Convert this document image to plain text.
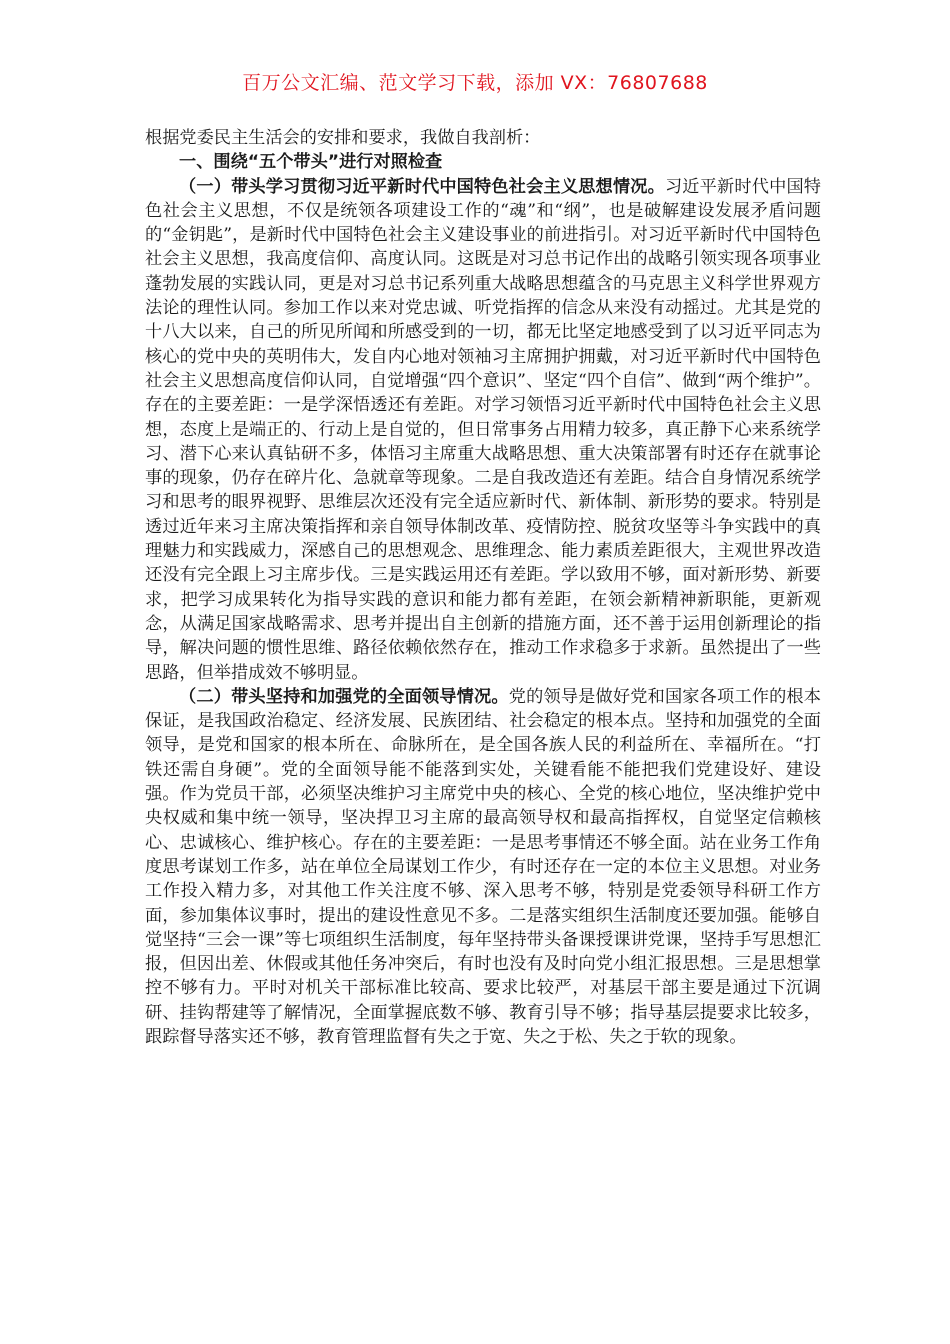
百万公文汇编、范文学习下载，添加 VX：76807688

根据党委民主生活会的安排和要求，我做自我剖析：

一、围绕“五个带头”进行对照检查

（一）带头学习贯彻习近平新时代中国特色社会主义思想情况。习近平新时代中国特色社会主义思想，不仅是统领各项建设工作的“魂”和“纲”，也是破解建设发展矛盾问题的“金钥匙”，是新时代中国特色社会主义建设事业的前进指引。对习近平新时代中国特色社会主义思想，我高度信仰、高度认同。这既是对习总书记作出的战略引领实现各项事业蓬勃发展的实践认同，更是对习总书记系列重大战略思想蕴含的马克思主义科学世界观方法论的理性认同。参加工作以来对党忠诚、听党指挥的信念从来没有动摇过。尤其是党的十八大以来，自己的所见所闻和所感受到的一切，都无比坚定地感受到了以习近平同志为核心的党中央的英明伟大，发自内心地对领袖习主席拥护拥戴，对习近平新时代中国特色社会主义思想高度信仰认同，自觉增强“四个意识”、坚定“四个自信”、做到“两个维护”。存在的主要差距：一是学深悟透还有差距。对学习领悟习近平新时代中国特色社会主义思想，态度上是端正的、行动上是自觉的，但日常事务占用精力较多，真正静下心来系统学习、潜下心来认真钻研不多，体悟习主席重大战略思想、重大决策部署有时还存在就事论事的现象，仍存在碎片化、急就章等现象。二是自我改造还有差距。结合自身情况系统学习和思考的眼界视野、思维层次还没有完全适应新时代、新体制、新形势的要求。特别是透过近年来习主席决策指挥和亲自领导体制改革、疫情防控、脱贫攻坚等斗争实践中的真理魅力和实践威力，深感自己的思想观念、思维理念、能力素质差距很大，主观世界改造还没有完全跟上习主席步伐。三是实践运用还有差距。学以致用不够，面对新形势、新要求，把学习成果转化为指导实践的意识和能力都有差距，在领会新精神新职能，更新观念，从满足国家战略需求、思考并提出自主创新的措施方面，还不善于运用创新理论的指导，解决问题的惯性思维、路径依赖依然存在，推动工作求稳多于求新。虽然提出了一些思路，但举措成效不够明显。

（二）带头坚持和加强党的全面领导情况。党的领导是做好党和国家各项工作的根本保证，是我国政治稳定、经济发展、民族团结、社会稳定的根本点。坚持和加强党的全面领导，是党和国家的根本所在、命脉所在，是全国各族人民的利益所在、幸福所在。“打铁还需自身硬”。党的全面领导能不能落到实处，关键看能不能把我们党建设好、建设强。作为党员干部，必须坚决维护习主席党中央的核心、全党的核心地位，坚决维护党中央权威和集中统一领导，坚决捍卫习主席的最高领导权和最高指挥权，自觉坚定信赖核心、忠诚核心、维护核心。存在的主要差距：一是思考事情还不够全面。站在业务工作角度思考谋划工作多，站在单位全局谋划工作少，有时还存在一定的本位主义思想。对业务工作投入精力多，对其他工作关注度不够、深入思考不够，特别是党委领导科研工作方面，参加集体议事时，提出的建设性意见不多。二是落实组织生活制度还要加强。能够自觉坚持“三会一课”等七项组织生活制度，每年坚持带头备课授课讲党课，坚持手写思想汇报，但因出差、休假或其他任务冲突后，有时也没有及时向党小组汇报思想。三是思想掌控不够有力。平时对机关干部标准比较高、要求比较严，对基层干部主要是通过下沉调研、挂钩帮建等了解情况，全面掌握底数不够、教育引导不够；指导基层提要求比较多，跟踪督导落实还不够，教育管理监督有失之于宽、失之于松、失之于软的现象。
